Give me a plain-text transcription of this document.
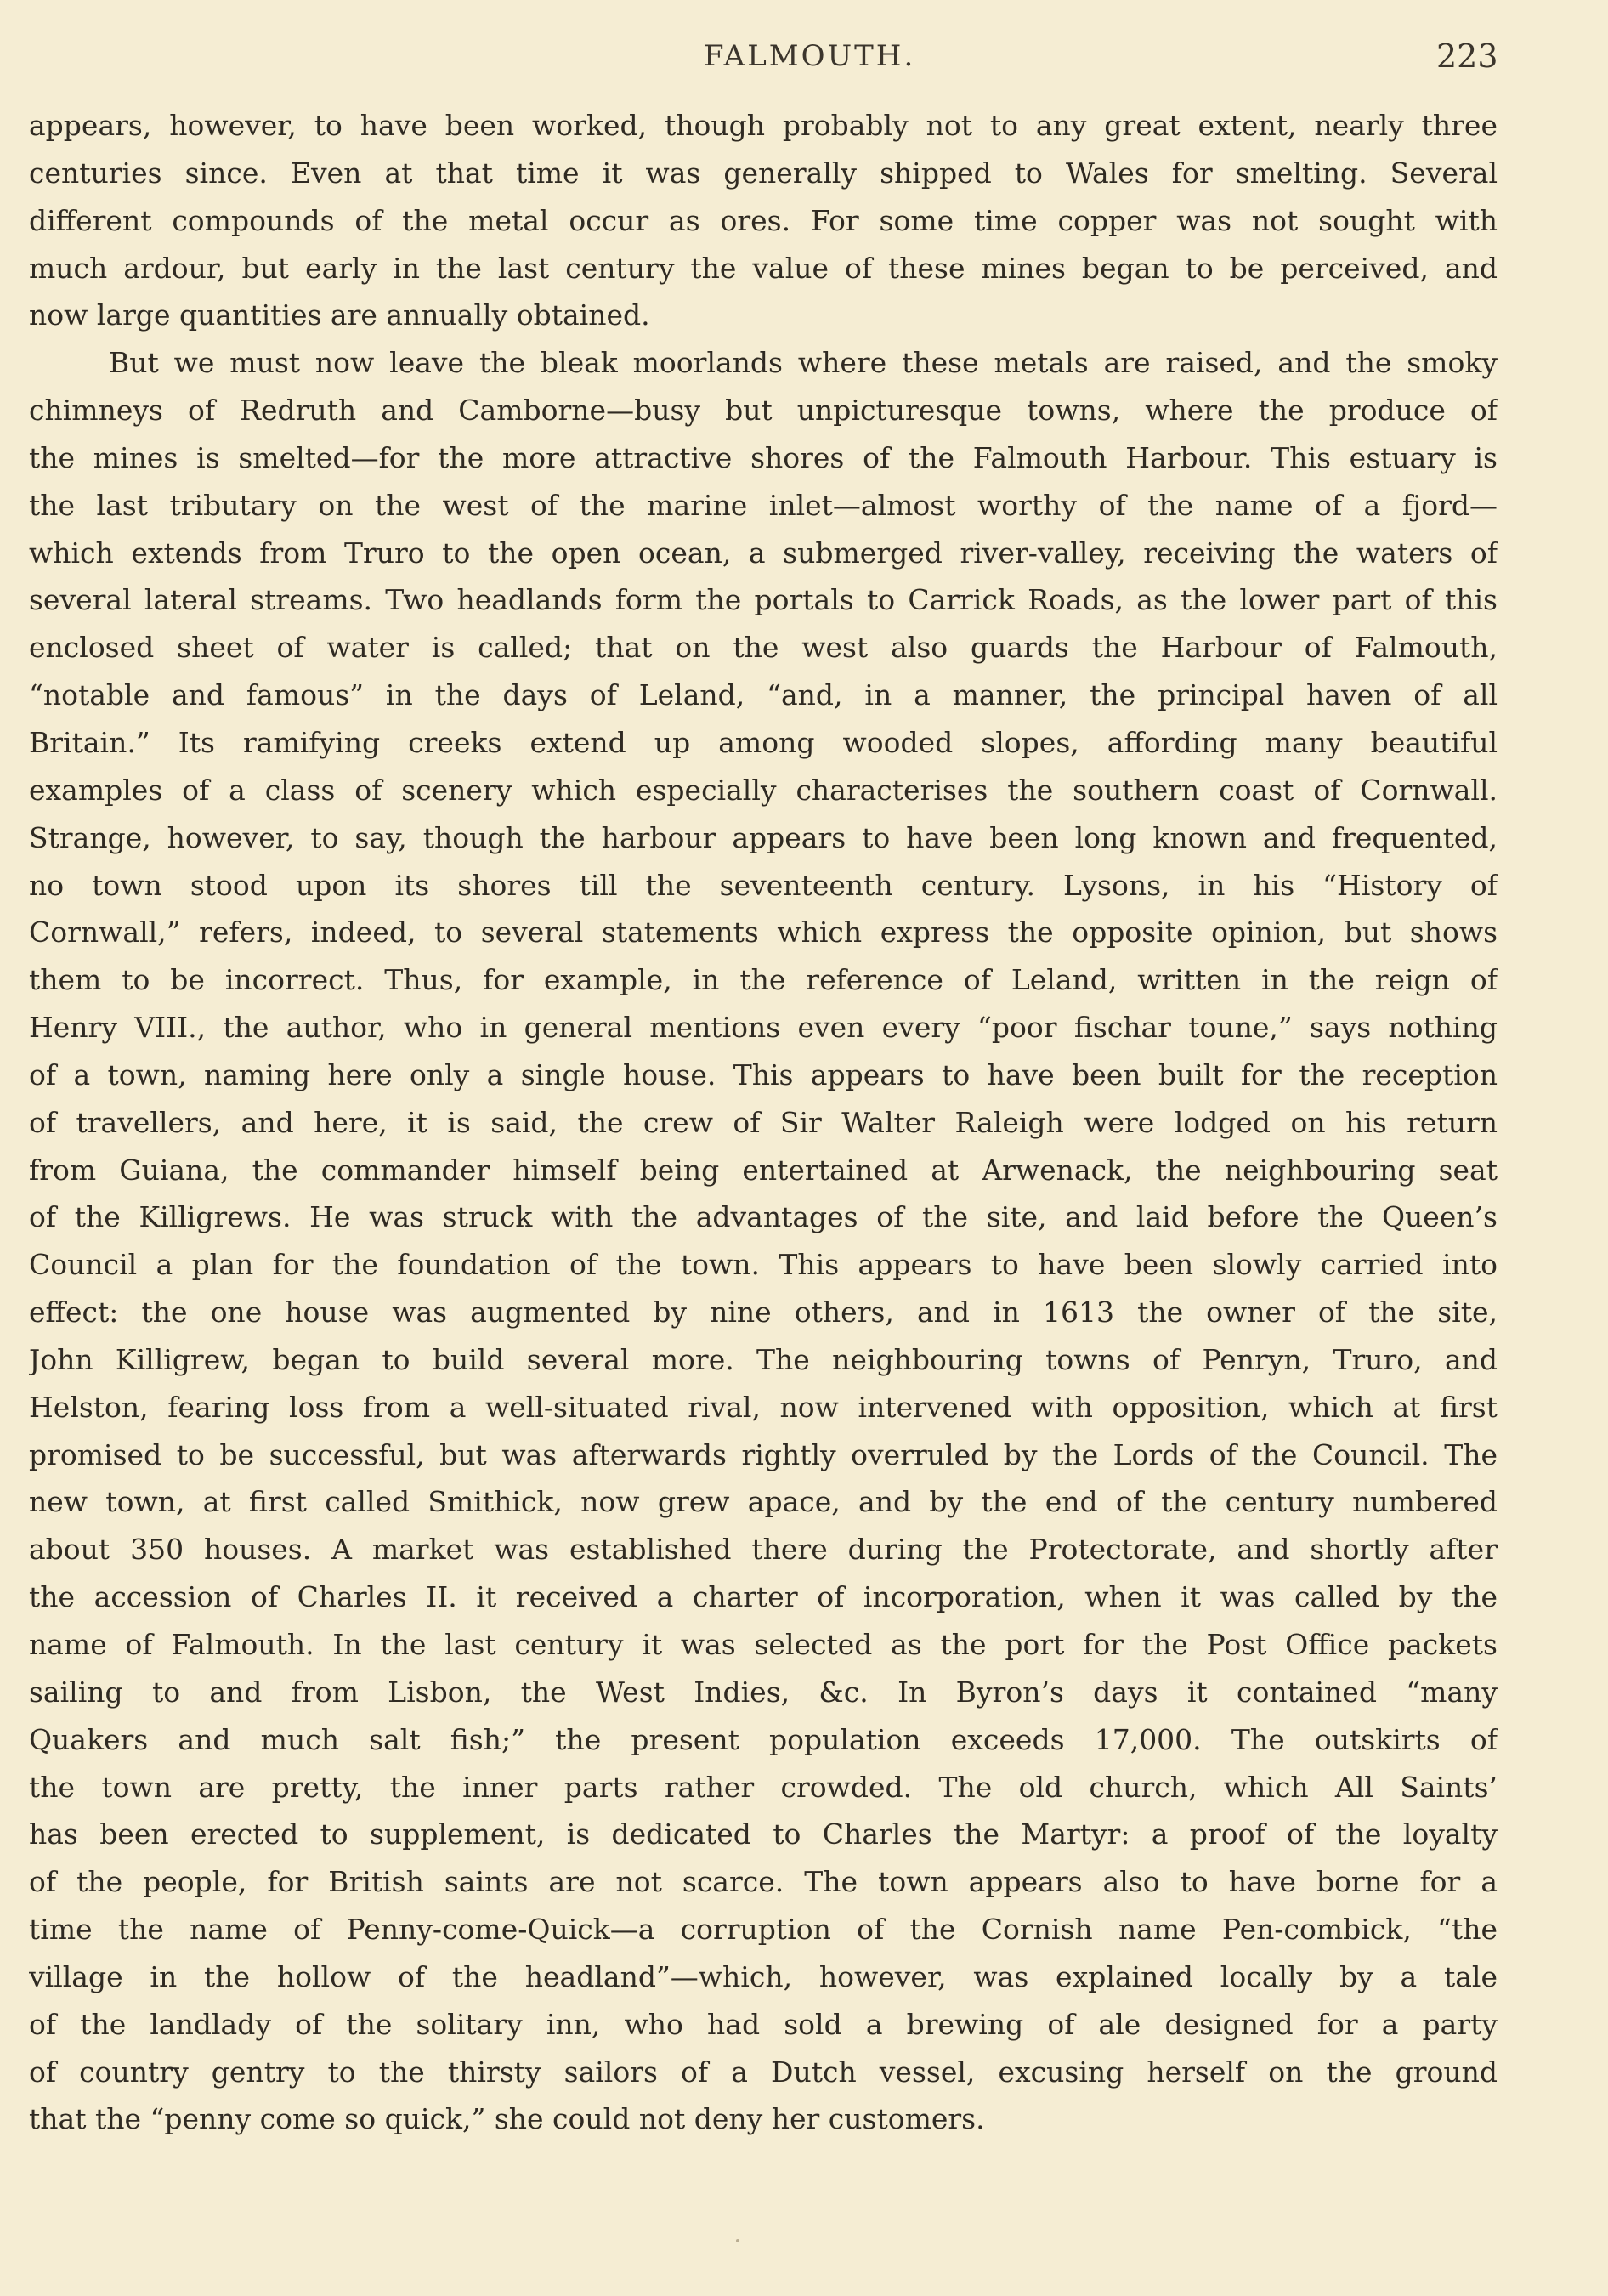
FALMOUTH.	223
appears, however, to have been worked, though probably not to any great extent, nearly three
centuries since. Even at that time it was generally shipped to Wales for smelting. Several
different compounds of the metal occur as ores. For some time copper was not sought with
much ardour, but early in the last century the value of these mines began to be perceived, and
now large quantities are annually obtained.
But we must now leave the bleak moorlands where these metals are raised, and the smoky
chimneys of Redruth and Camborne—busy but unpicturesque towns, where the produce of
the mines is smelted—for the more attractive shores of the Falmouth Harbour. This estuary is
the last tributary on the west of the marine inlet—almost worthy of the name of a fjord—
which extends from Truro to the open ocean, a submerged river-valley, receiving the waters of
several lateral streams. Two headlands form the portals to Carrick Roads, as the lower part of this
enclosed sheet of water is called; that on the west also guards the Harbour of Falmouth,
“notable and famous” in the days of Leland, “and, in a manner, the principal haven of all
Britain.” Its ramifying creeks extend up among wooded slopes, affording many beautiful
examples of a class of scenery which especially characterises the southern coast of Cornwall.
Strange, however, to say, though the harbour appears to have been long known and frequented,
no town stood upon its shores till the seventeenth century. Lysons, in his “History of
Cornwall,” refers, indeed, to several statements which express the opposite opinion, but shows
them to be incorrect. Thus, for example, in the reference of Leland, written in the reign of
Henry VIII., the author, who in general mentions even every “poor fischar toune,” says nothing
of a town, naming here only a single house. This appears to have been built for the reception
of travellers, and here, it is said, the crew of Sir Walter Raleigh were lodged on his return
from Guiana, the commander himself being entertained at Arwenack, the neighbouring seat
of the Killigrews. He was struck with the advantages of the site, and laid before the Queen’s
Council a plan for the foundation of the town. This appears to have been slowly carried into
effect: the one house was augmented by nine others, and in 1613 the owner of the site,
John Killigrew, began to build several more. The neighbouring towns of Penryn, Truro, and
Helston, fearing loss from a well-situated rival, now intervened with opposition, which at first
promised to be successful, but was afterwards rightly overruled by the Lords of the Council. The
new town, at first called Smithick, now grew apace, and by the end of the century numbered
about 350 houses. A market was established there during the Protectorate, and shortly after
the accession of Charles II. it received a charter of incorporation, when it was called by the
name of Falmouth. In the last century it was selected as the port for the Post Office packets
sailing to and from Lisbon, the West Indies, &c. In Byron’s days it contained “many
Quakers and much salt fish;” the present population exceeds 17,000. The outskirts of
the town are pretty, the inner parts rather crowded. The old church, which All Saints’
has been erected to supplement, is dedicated to Charles the Martyr: a proof of the loyalty
of the people, for British saints are not scarce. The town appears also to have borne for a
time the name of Penny-come-Quick—a corruption of the Cornish name Pen-combick, “the
village in the hollow of the headland”—which, however, was explained locally by a tale
of the landlady of the solitary inn, who had sold a brewing of ale designed for a party
of country gentry to the thirsty sailors of a Dutch vessel, excusing herself on the ground
that the “penny come so quick,” she could not deny her customers.
